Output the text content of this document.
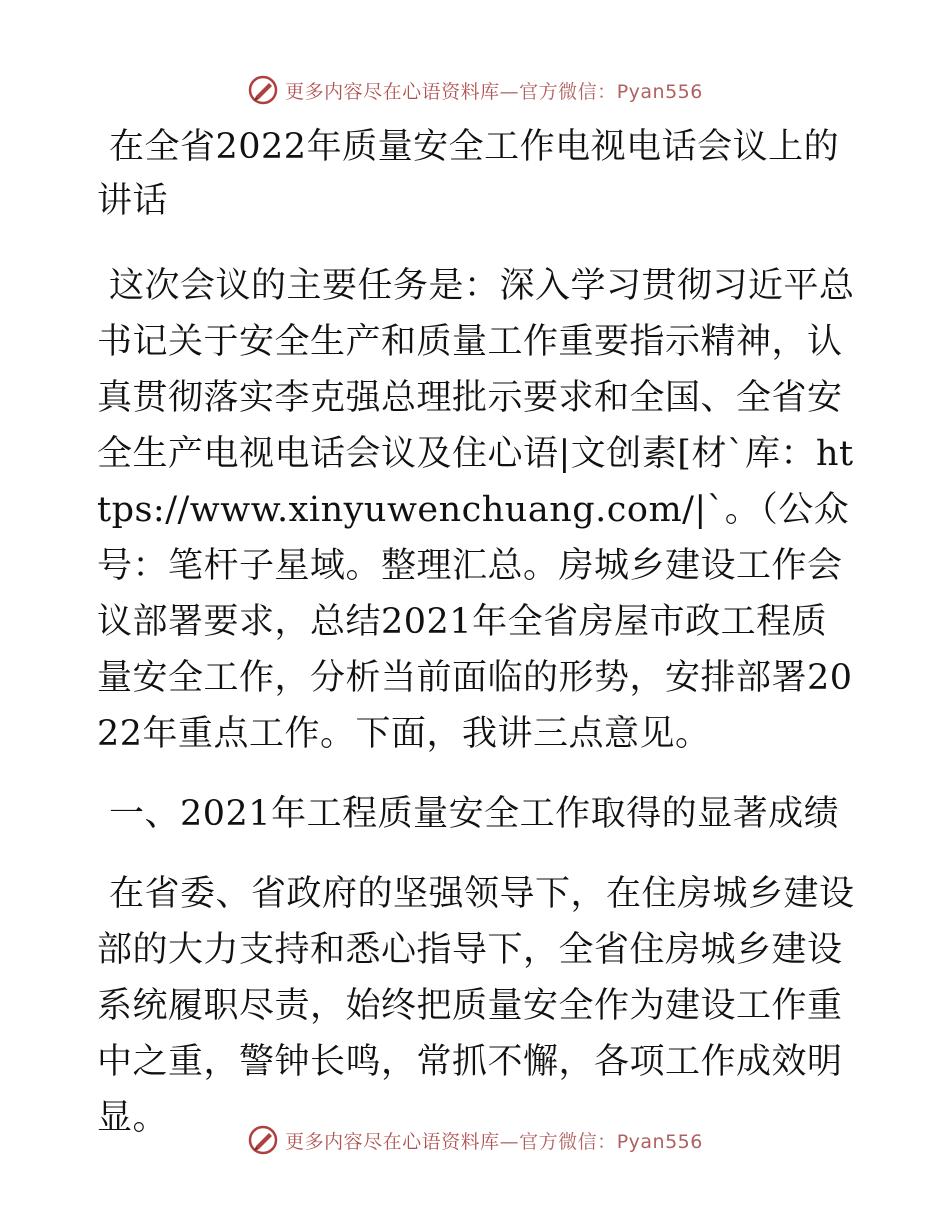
更多内容尽在心语资料库—官方微信：Pyan556

在全省2022年质量安全工作电视电话会议上的讲话

这次会议的主要任务是：深入学习贯彻习近平总书记关于安全生产和质量工作重要指示精神，认真贯彻落实李克强总理批示要求和全国、全省安全生产电视电话会议及住心语|文创素[材`库：https://www.xinyuwenchuang.com/|`。（公众号：笔杆子星域。整理汇总。房城乡建设工作会议部署要求，总结2021年全省房屋市政工程质量安全工作，分析当前面临的形势，安排部署2022年重点工作。下面，我讲三点意见。

一、2021年工程质量安全工作取得的显著成绩

在省委、省政府的坚强领导下，在住房城乡建设部的大力支持和悉心指导下，全省住房城乡建设系统履职尽责，始终把质量安全作为建设工作重中之重，警钟长鸣，常抓不懈，各项工作成效明显。

更多内容尽在心语资料库—官方微信：Pyan556
